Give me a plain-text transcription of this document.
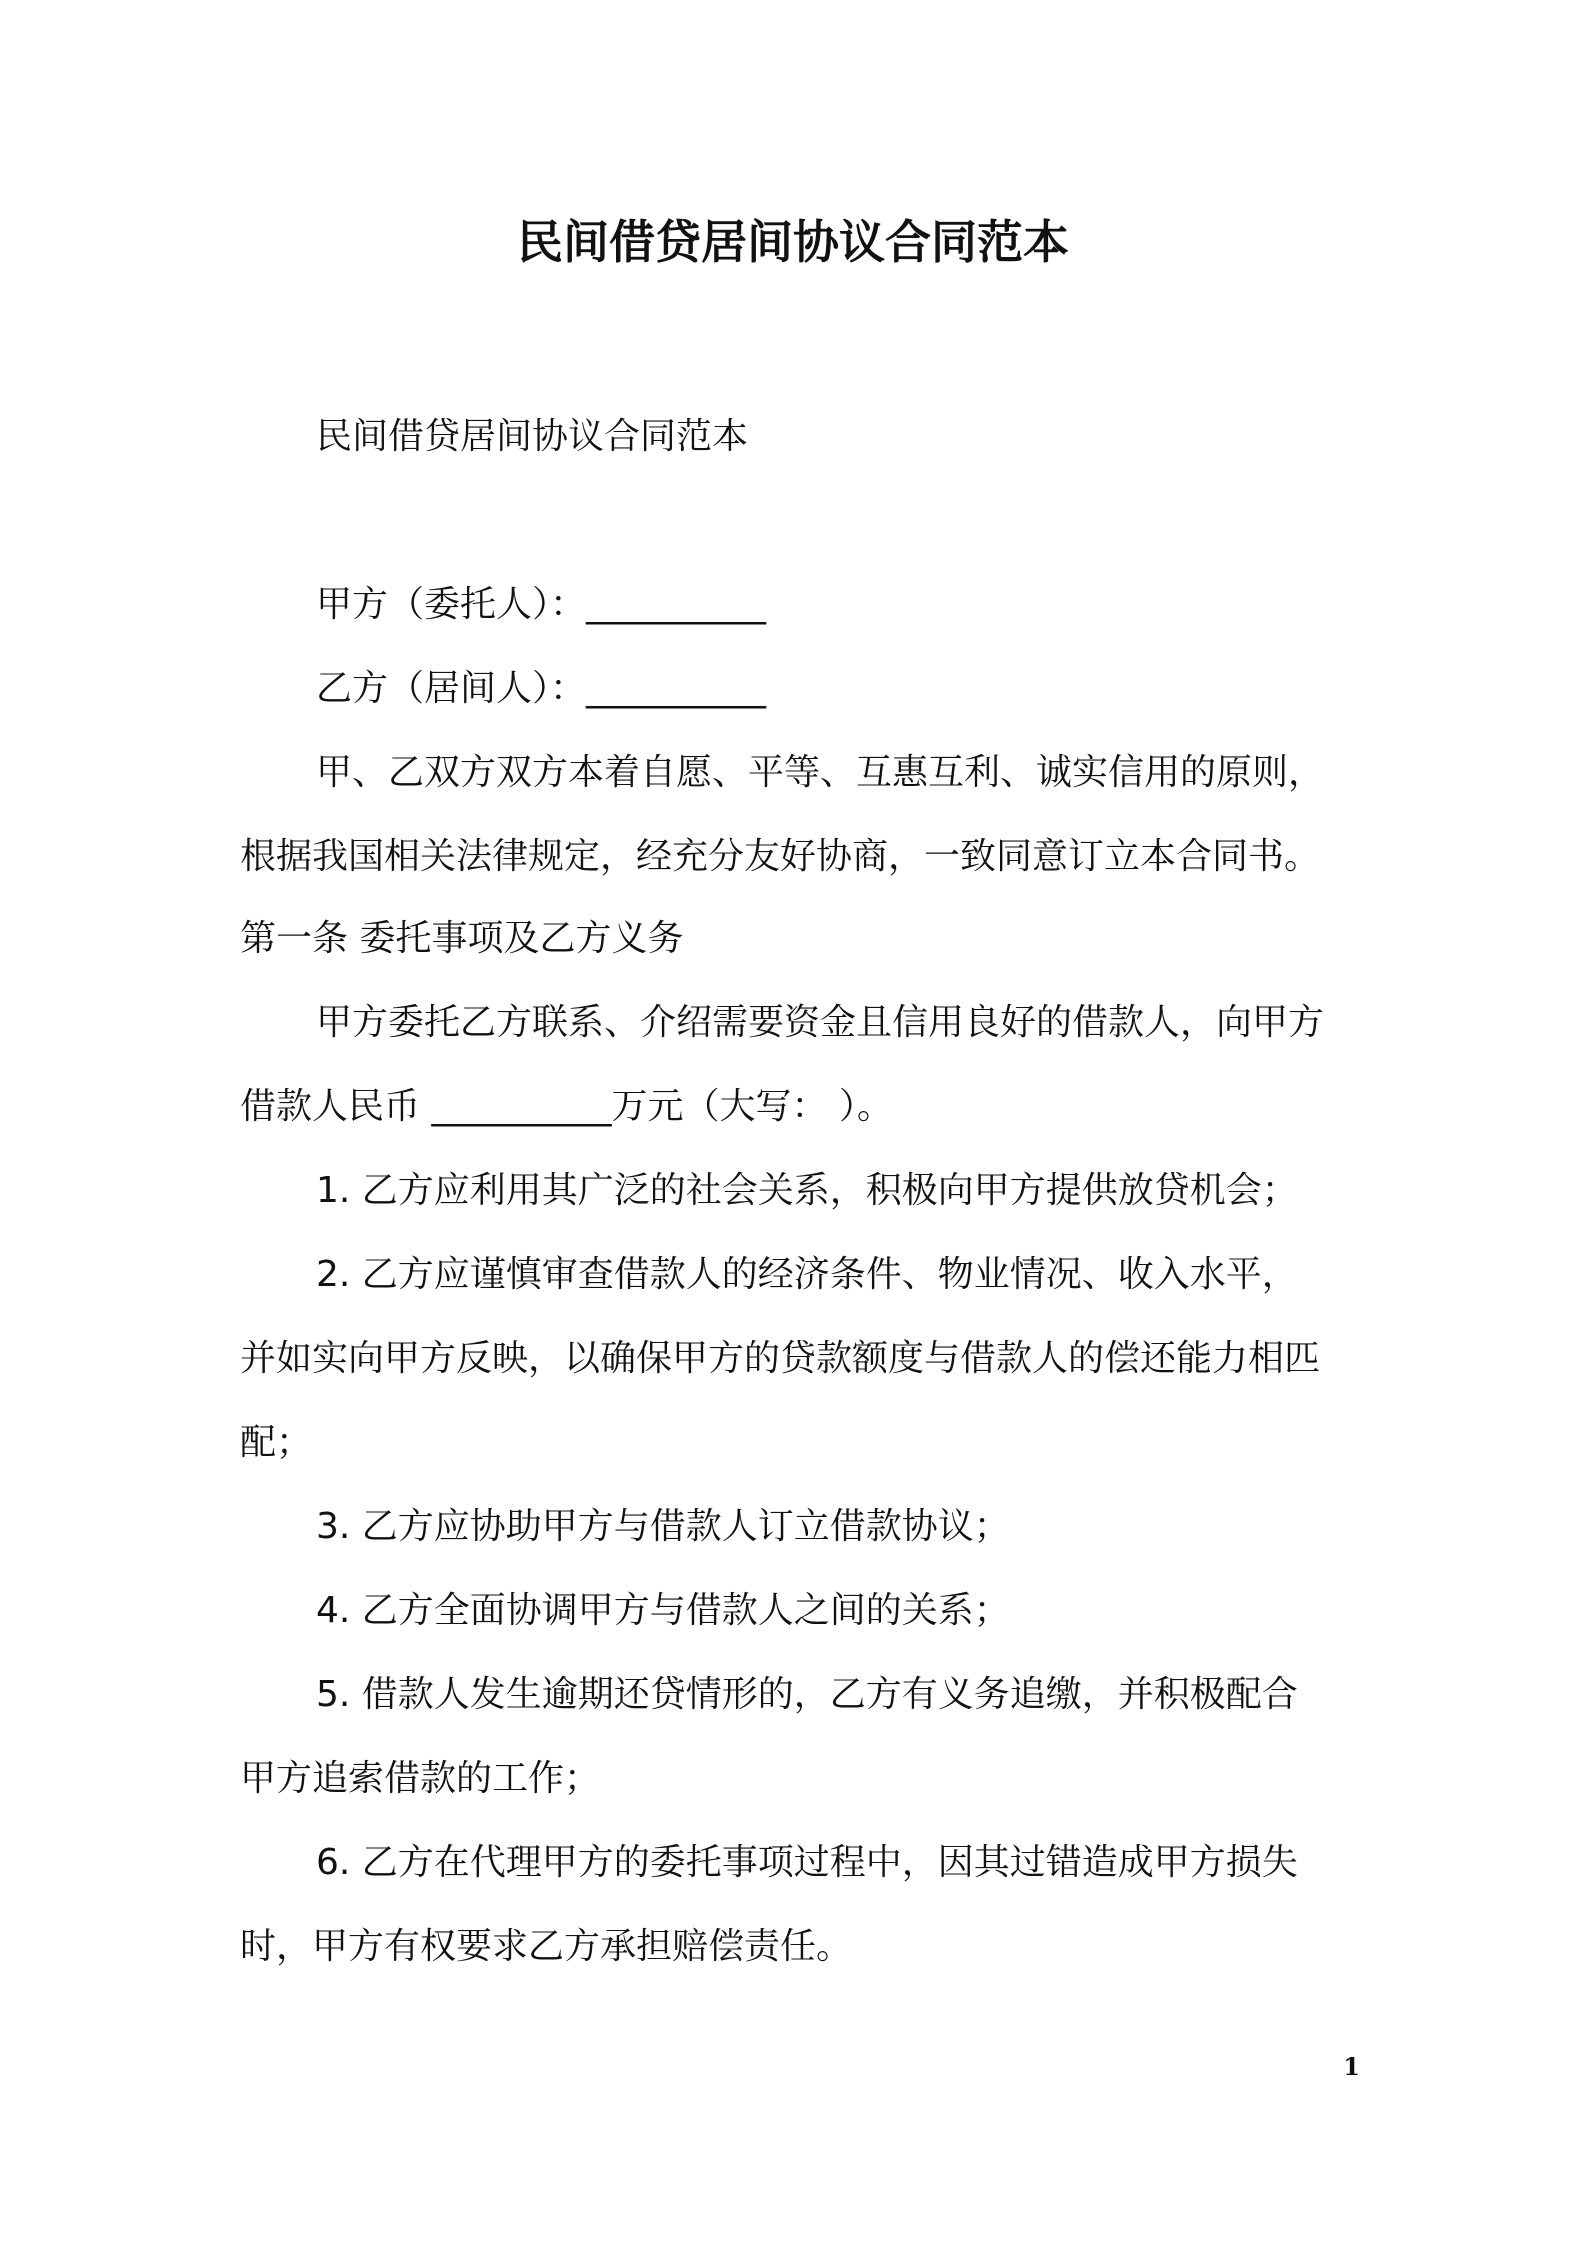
民间借贷居间协议合同范本
民间借贷居间协议合同范本
甲方（委托人）：__________
乙方（居间人）：__________
甲、乙双方双方本着自愿、平等、互惠互利、诚实信用的原则，
根据我国相关法律规定，经充分友好协商，一致同意订立本合同书。
第一条 委托事项及乙方义务
甲方委托乙方联系、介绍需要资金且信用良好的借款人，向甲方
借款人民币 __________万元（大写： ）。
1. 乙方应利用其广泛的社会关系，积极向甲方提供放贷机会；
2. 乙方应谨慎审查借款人的经济条件、物业情况、收入水平，
并如实向甲方反映，以确保甲方的贷款额度与借款人的偿还能力相匹
配；
3. 乙方应协助甲方与借款人订立借款协议；
4. 乙方全面协调甲方与借款人之间的关系；
5. 借款人发生逾期还贷情形的，乙方有义务追缴，并积极配合
甲方追索借款的工作；
6. 乙方在代理甲方的委托事项过程中，因其过错造成甲方损失
时，甲方有权要求乙方承担赔偿责任。
1
